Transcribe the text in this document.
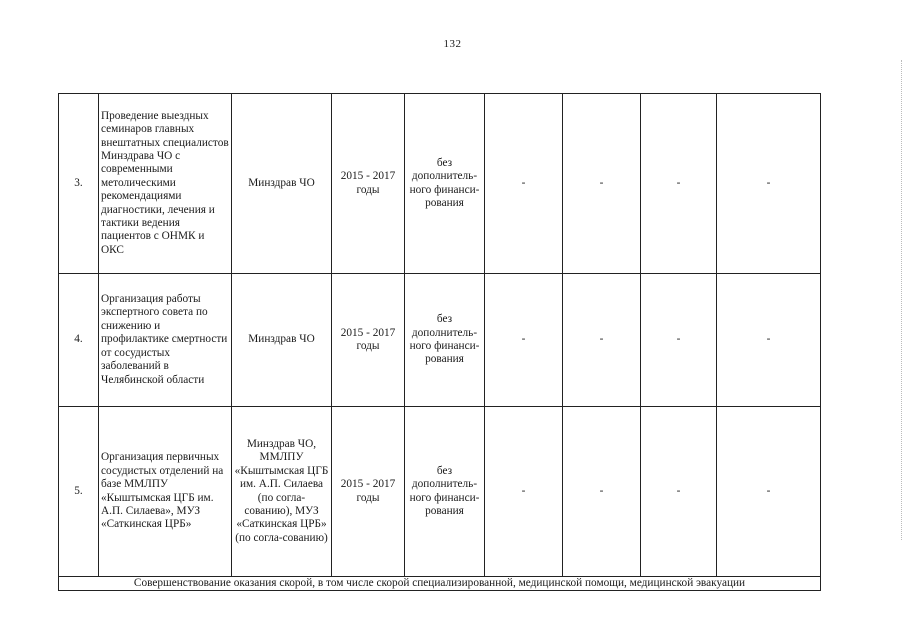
132
3.	Проведение выездных семинаров главных внештатных специалистов Минздрава ЧО с современными метолическими рекомендациями диагностики, лечения и тактики ведения пациентов с ОНМК и ОКС	Минздрав ЧО	2015 - 2017 годы	без дополнитель-ного финанси-рования	-	-	-	-
4.	Организация работы экспертного совета по снижению и профилактике смертности от сосудистых заболеваний в Челябинской области	Минздрав ЧО	2015 - 2017 годы	без дополнитель-ного финанси-рования	-	-	-	-
5.	Организация первичных сосудистых отделений на базе ММЛПУ «Кыштымская ЦГБ им. А.П. Силаева», МУЗ «Саткинская ЦРБ»	Минздрав ЧО, ММЛПУ «Кыштымская ЦГБ им. А.П. Силаева (по согла-сованию), МУЗ «Саткинская ЦРБ» (по согла-сованию)	2015 - 2017 годы	без дополнитель-ного финанси-рования	-	-	-	-
Совершенствование оказания скорой, в том числе скорой специализированной, медицинской помощи, медицинской эвакуации								
